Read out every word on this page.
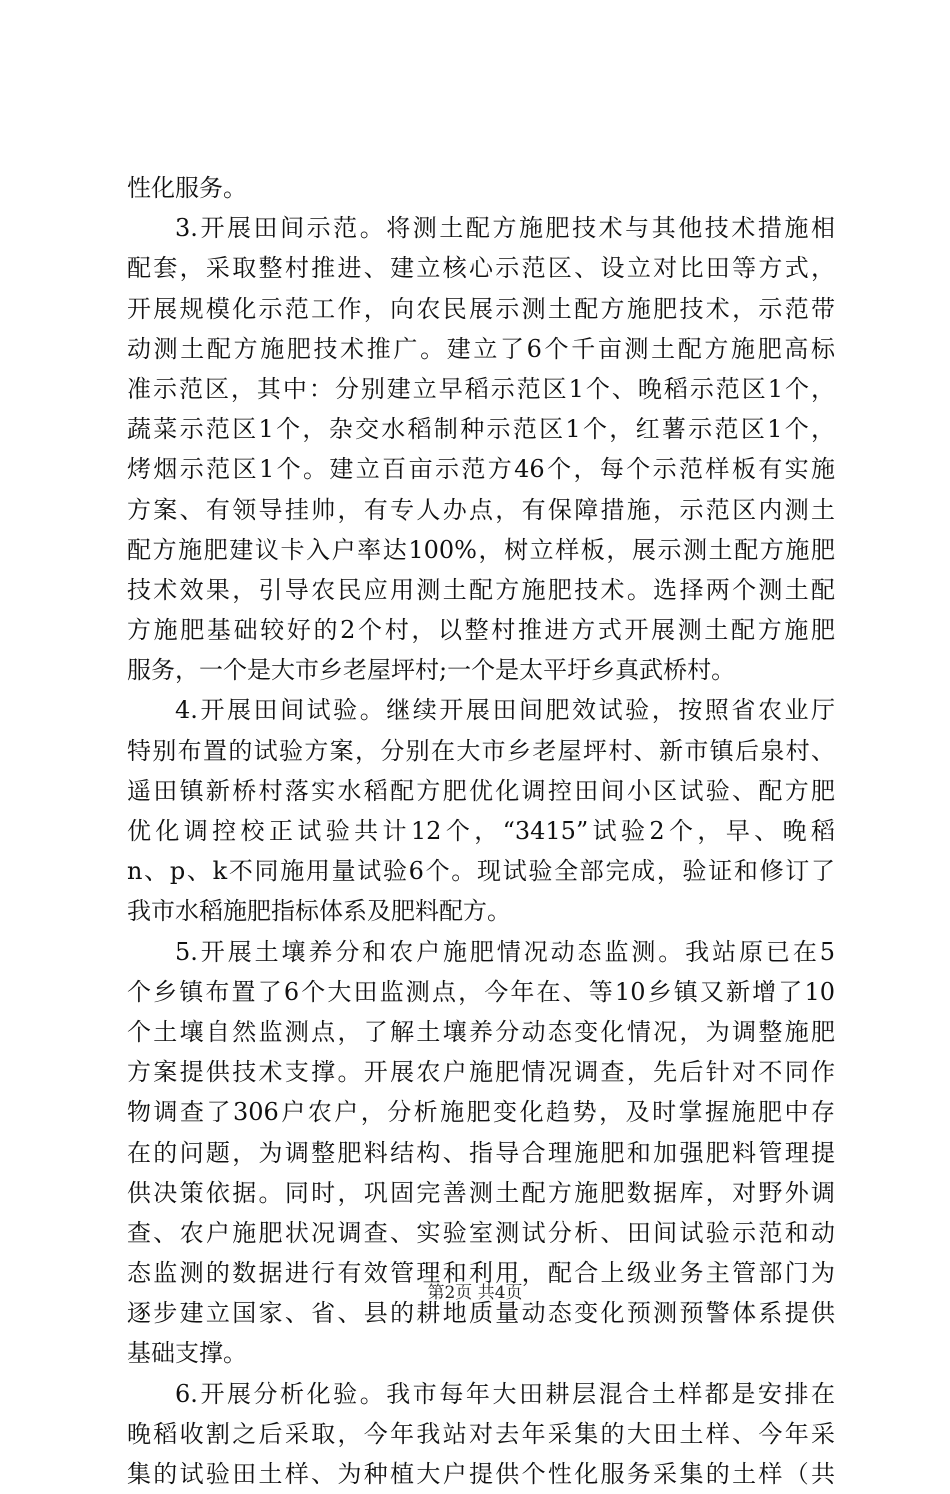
性化服务。
3.开展田间示范。将测土配方施肥技术与其他技术措施相
配套，采取整村推进、建立核心示范区、设立对比田等方式，
开展规模化示范工作，向农民展示测土配方施肥技术，示范带
动测土配方施肥技术推广。建立了6个千亩测土配方施肥高标
准示范区，其中：分别建立早稻示范区1个、晚稻示范区1个，
蔬菜示范区1个，杂交水稻制种示范区1个，红薯示范区1个，
烤烟示范区1个。建立百亩示范方46个，每个示范样板有实施
方案、有领导挂帅，有专人办点，有保障措施，示范区内测土
配方施肥建议卡入户率达100%，树立样板，展示测土配方施肥
技术效果，引导农民应用测土配方施肥技术。选择两个测土配
方施肥基础较好的2个村，以整村推进方式开展测土配方施肥
服务，一个是大市乡老屋坪村;一个是太平圩乡真武桥村。
4.开展田间试验。继续开展田间肥效试验，按照省农业厅
特别布置的试验方案，分别在大市乡老屋坪村、新市镇后泉村、
遥田镇新桥村落实水稻配方肥优化调控田间小区试验、配方肥
优化调控校正试验共计12个，“3415”试验2个，早、晚稻
n、p、k不同施用量试验6个。现试验全部完成，验证和修订了
我市水稻施肥指标体系及肥料配方。
5.开展土壤养分和农户施肥情况动态监测。我站原已在5
个乡镇布置了6个大田监测点，今年在、等10乡镇又新增了10
个土壤自然监测点，了解土壤养分动态变化情况，为调整施肥
方案提供技术支撑。开展农户施肥情况调查，先后针对不同作
物调查了306户农户，分析施肥变化趋势，及时掌握施肥中存
在的问题，为调整肥料结构、指导合理施肥和加强肥料管理提
供决策依据。同时，巩固完善测土配方施肥数据库，对野外调
查、农户施肥状况调查、实验室测试分析、田间试验示范和动
态监测的数据进行有效管理和利用，配合上级业务主管部门为
逐步建立国家、省、县的耕地质量动态变化预测预警体系提供
基础支撑。
6.开展分析化验。我市每年大田耕层混合土样都是安排在
晚稻收割之后采取，今年我站对去年采集的大田土样、今年采
集的试验田土样、为种植大户提供个性化服务采集的土样（共
第2页 共4页
